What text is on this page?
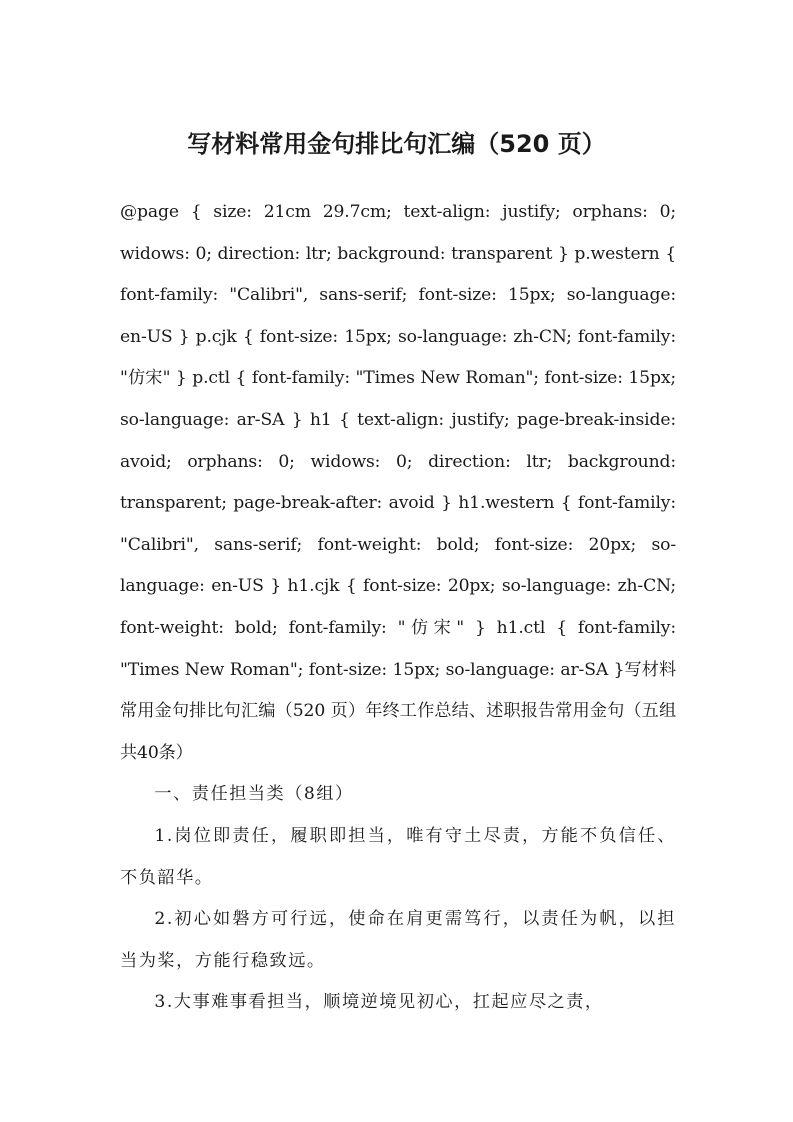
写材料常用金句排比句汇编（520 页）

@page { size: 21cm 29.7cm; text-align: justify; orphans: 0; widows: 0; direction: ltr; background: transparent } p.western { font-family: "Calibri", sans-serif; font-size: 15px; so-language: en-US } p.cjk { font-size: 15px; so-language: zh-CN; font-family: "仿宋" } p.ctl { font-family: "Times New Roman"; font-size: 15px; so-language: ar-SA } h1 { text-align: justify; page-break-inside: avoid; orphans: 0; widows: 0; direction: ltr; background: transparent; page-break-after: avoid } h1.western { font-family: "Calibri", sans-serif; font-weight: bold; font-size: 20px; so-language: en-US } h1.cjk { font-size: 20px; so-language: zh-CN; font-weight: bold; font-family: "仿宋" } h1.ctl { font-family: "Times New Roman"; font-size: 15px; so-language: ar-SA }写材料常用金句排比句汇编（520 页）年终工作总结、述职报告常用金句（五组共40条）

一、责任担当类（8组）

1.岗位即责任，履职即担当，唯有守土尽责，方能不负信任、不负韶华。

2.初心如磐方可行远，使命在肩更需笃行，以责任为帆，以担当为桨，方能行稳致远。

3.大事难事看担当，顺境逆境见初心，扛起应尽之责，
